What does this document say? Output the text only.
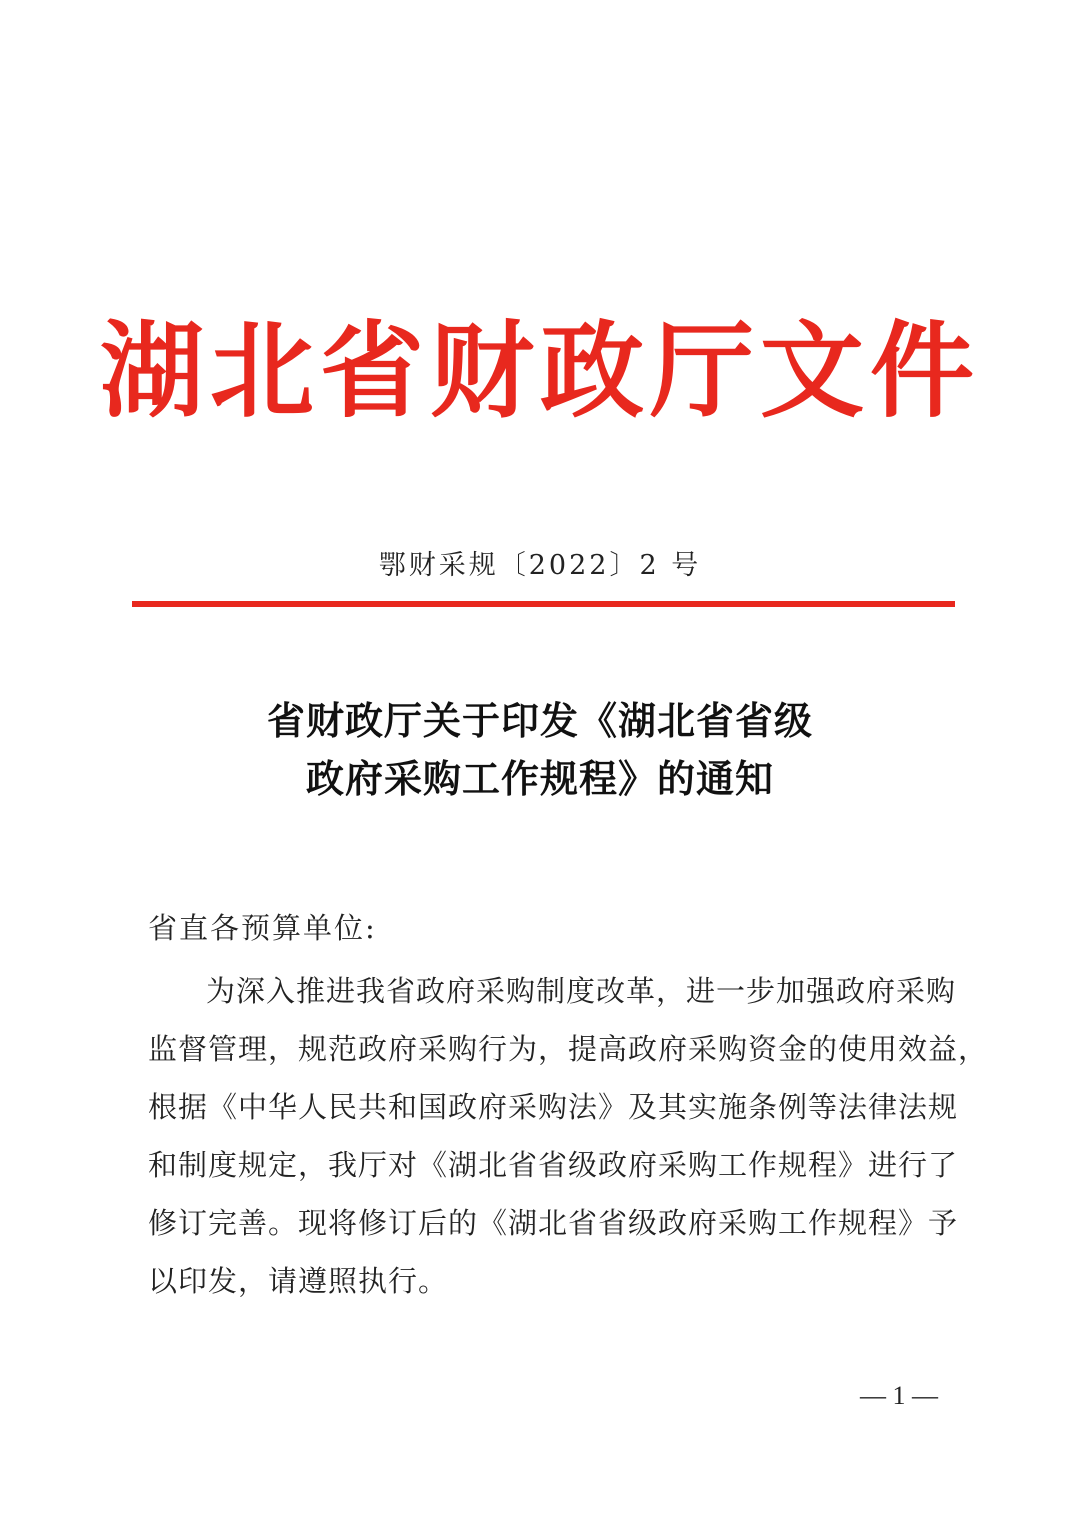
湖北省财政厅文件
鄂财采规〔2022〕2 号
省财政厅关于印发《湖北省省级
政府采购工作规程》的通知
省直各预算单位:
为深入推进我省政府采购制度改革，进一步加强政府采购
监督管理，规范政府采购行为，提高政府采购资金的使用效益，
根据《中华人民共和国政府采购法》及其实施条例等法律法规
和制度规定，我厅对《湖北省省级政府采购工作规程》进行了
修订完善。现将修订后的《湖北省省级政府采购工作规程》予
以印发，请遵照执行。
— 1 —
